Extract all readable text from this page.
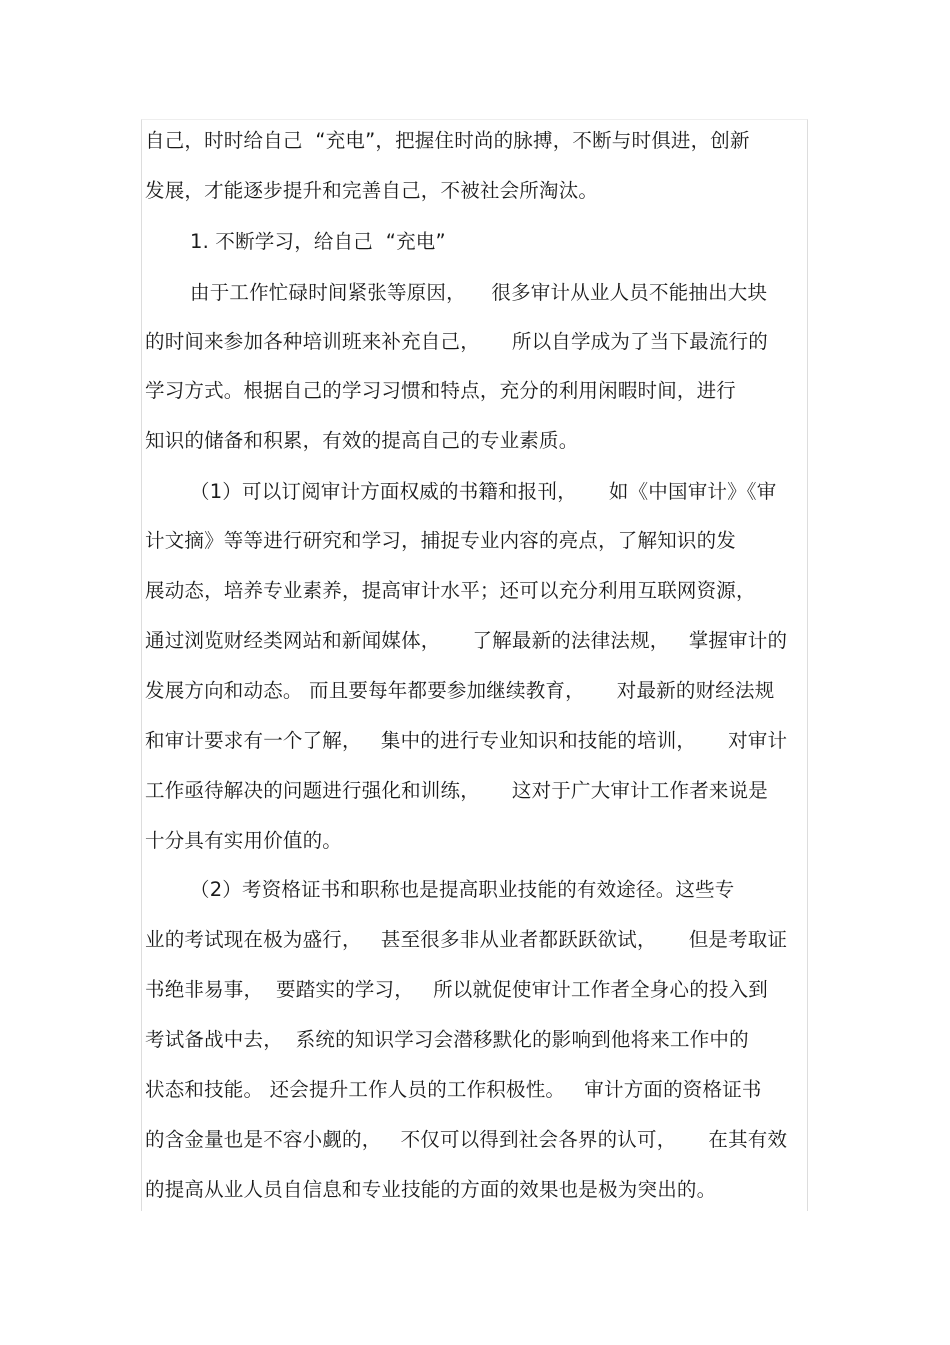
自己，时时给自己  “充电”，把握住时尚的脉搏，不断与时俱进，创新
发展，才能逐步提升和完善自己，不被社会所淘汰。
1. 不断学习，给自己  “充电”
由于工作忙碌时间紧张等原因，    很多审计从业人员不能抽出大块
的时间来参加各种培训班来补充自己，     所以自学成为了当下最流行的
学习方式。根据自己的学习习惯和特点，充分的利用闲暇时间，进行
知识的储备和积累，有效的提高自己的专业素质。
（1）可以订阅审计方面权威的书籍和报刊，     如《中国审计》《审
计文摘》等等进行研究和学习，捕捉专业内容的亮点，了解知识的发
展动态，培养专业素养，提高审计水平；还可以充分利用互联网资源，
通过浏览财经类网站和新闻媒体，     了解最新的法律法规，   掌握审计的
发展方向和动态。 而且要每年都要参加继续教育，     对最新的财经法规
和审计要求有一个了解，   集中的进行专业知识和技能的培训，     对审计
工作亟待解决的问题进行强化和训练，     这对于广大审计工作者来说是
十分具有实用价值的。
（2）考资格证书和职称也是提高职业技能的有效途径。这些专
业的考试现在极为盛行，   甚至很多非从业者都跃跃欲试，     但是考取证
书绝非易事，  要踏实的学习，   所以就促使审计工作者全身心的投入到
考试备战中去，  系统的知识学习会潜移默化的影响到他将来工作中的
状态和技能。 还会提升工作人员的工作积极性。   审计方面的资格证书
的含金量也是不容小觑的，   不仅可以得到社会各界的认可，     在其有效
的提高从业人员自信息和专业技能的方面的效果也是极为突出的。
